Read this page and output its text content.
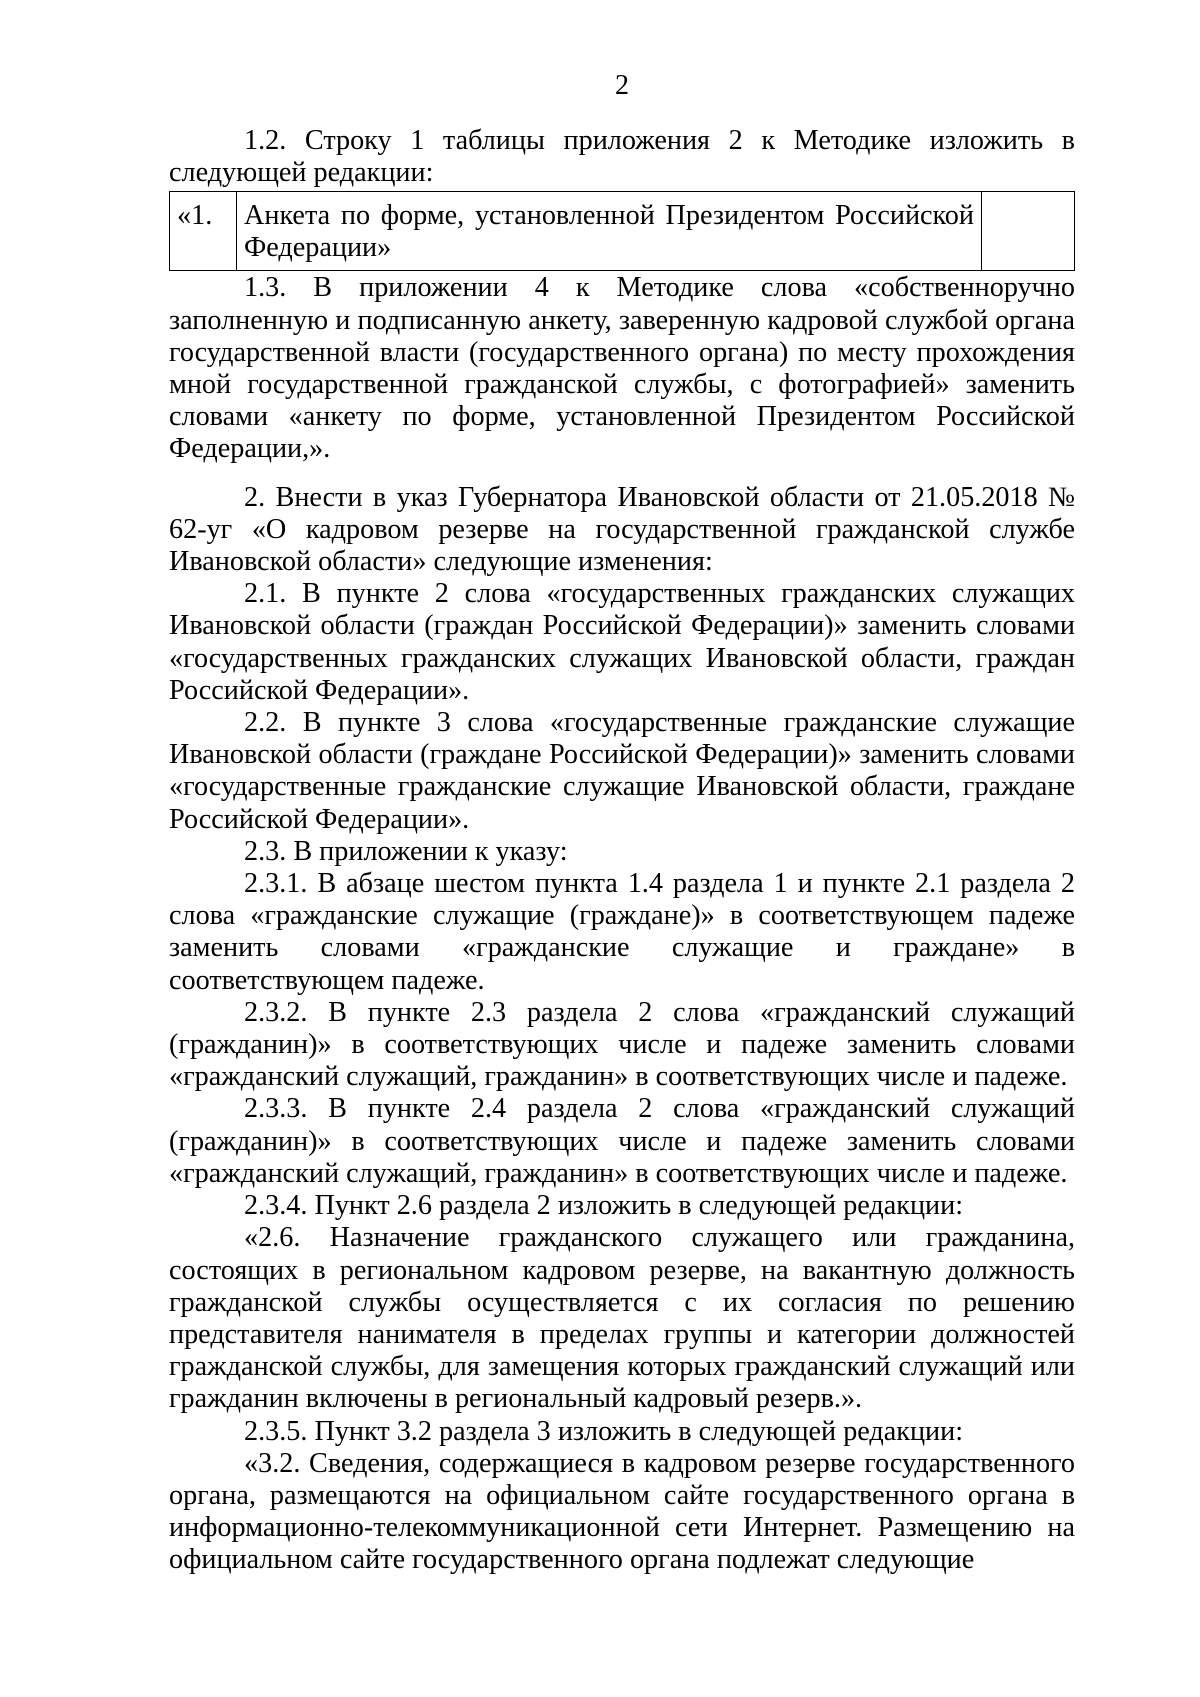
2

1.2. Строку 1 таблицы приложения 2 к Методике изложить в следующей редакции:

«1.	Анкета по форме, установленной Президентом Российской Федерации»	

1.3. В приложении 4 к Методике слова «собственноручно заполненную и подписанную анкету, заверенную кадровой службой органа государственной власти (государственного органа) по месту прохождения мной государственной гражданской службы, с фотографией» заменить словами «анкету по форме, установленной Президентом Российской Федерации,».

2. Внести в указ Губернатора Ивановской области от 21.05.2018 № 62-уг «О кадровом резерве на государственной гражданской службе Ивановской области» следующие изменения:

2.1. В пункте 2 слова «государственных гражданских служащих Ивановской области (граждан Российской Федерации)» заменить словами «государственных гражданских служащих Ивановской области, граждан Российской Федерации».

2.2. В пункте 3 слова «государственные гражданские служащие Ивановской области (граждане Российской Федерации)» заменить словами «государственные гражданские служащие Ивановской области, граждане Российской Федерации».

2.3. В приложении к указу:

2.3.1. В абзаце шестом пункта 1.4 раздела 1 и пункте 2.1 раздела 2 слова «гражданские служащие (граждане)» в соответствующем падеже заменить словами «гражданские служащие и граждане» в соответствующем падеже.

2.3.2. В пункте 2.3 раздела 2 слова «гражданский служащий (гражданин)» в соответствующих числе и падеже заменить словами «гражданский служащий, гражданин» в соответствующих числе и падеже.

2.3.3. В пункте 2.4 раздела 2 слова «гражданский служащий (гражданин)» в соответствующих числе и падеже заменить словами «гражданский служащий, гражданин» в соответствующих числе и падеже.

2.3.4. Пункт 2.6 раздела 2 изложить в следующей редакции:

«2.6. Назначение гражданского служащего или гражданина, состоящих в региональном кадровом резерве, на вакантную должность гражданской службы осуществляется с их согласия по решению представителя нанимателя в пределах группы и категории должностей гражданской службы, для замещения которых гражданский служащий или гражданин включены в региональный кадровый резерв.».

2.3.5. Пункт 3.2 раздела 3 изложить в следующей редакции:

«3.2. Сведения, содержащиеся в кадровом резерве государственного органа, размещаются на официальном сайте государственного органа в информационно-телекоммуникационной сети Интернет. Размещению на официальном сайте государственного органа подлежат следующие
